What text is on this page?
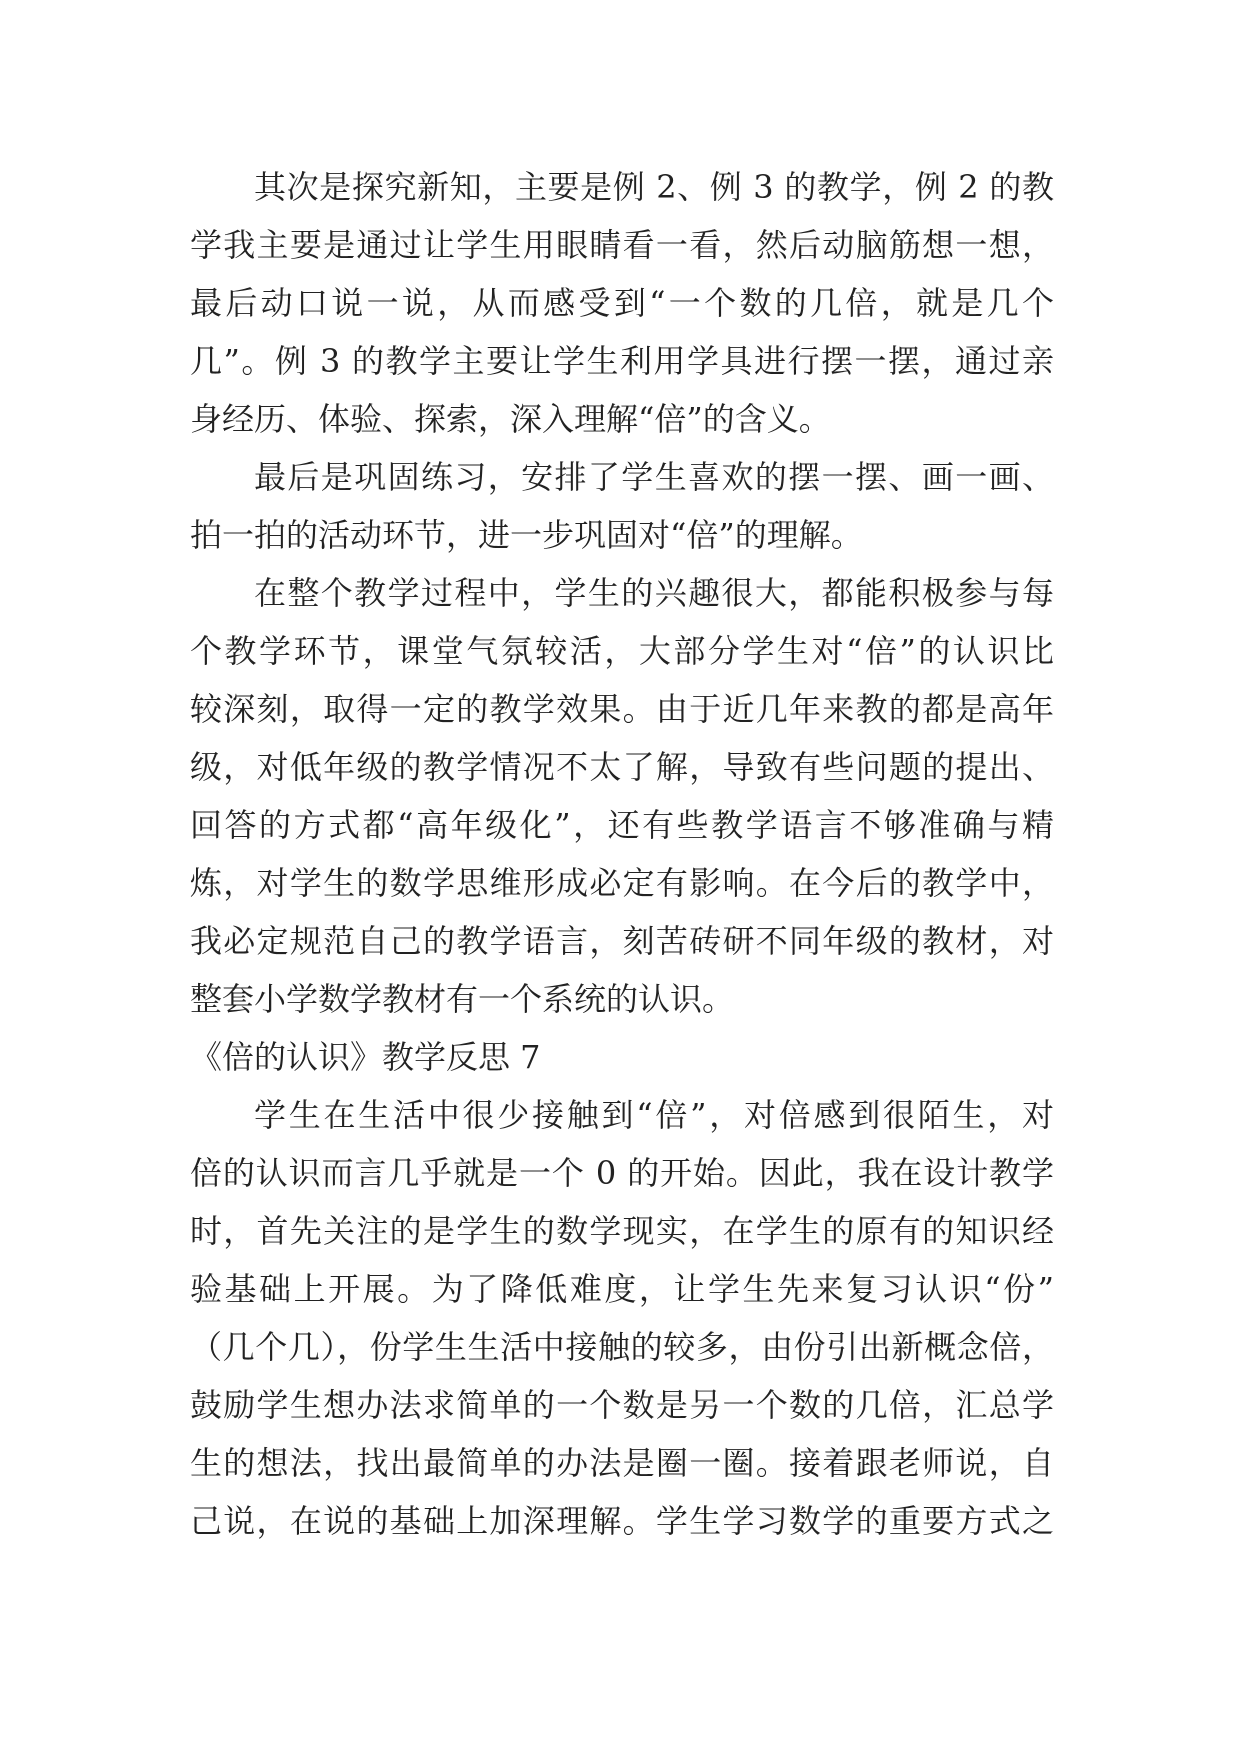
其次是探究新知，主要是例 2、例 3 的教学，例 2 的教
学我主要是通过让学生用眼睛看一看，然后动脑筋想一想，
最后动口说一说，从而感受到“一个数的几倍，就是几个
几”。例 3 的教学主要让学生利用学具进行摆一摆，通过亲
身经历、体验、探索，深入理解“倍”的含义。
最后是巩固练习，安排了学生喜欢的摆一摆、画一画、
拍一拍的活动环节，进一步巩固对“倍”的理解。
在整个教学过程中，学生的兴趣很大，都能积极参与每
个教学环节，课堂气氛较活，大部分学生对“倍”的认识比
较深刻，取得一定的教学效果。由于近几年来教的都是高年
级，对低年级的教学情况不太了解，导致有些问题的提出、
回答的方式都“高年级化”，还有些教学语言不够准确与精
炼，对学生的数学思维形成必定有影响。在今后的教学中，
我必定规范自己的教学语言，刻苦砖研不同年级的教材，对
整套小学数学教材有一个系统的认识。
《倍的认识》教学反思 7
学生在生活中很少接触到“倍”，对倍感到很陌生，对
倍的认识而言几乎就是一个 0 的开始。因此，我在设计教学
时，首先关注的是学生的数学现实，在学生的原有的知识经
验基础上开展。为了降低难度，让学生先来复习认识“份”
（几个几），份学生生活中接触的较多，由份引出新概念倍，
鼓励学生想办法求简单的一个数是另一个数的几倍，汇总学
生的想法，找出最简单的办法是圈一圈。接着跟老师说，自
己说，在说的基础上加深理解。学生学习数学的重要方式之
